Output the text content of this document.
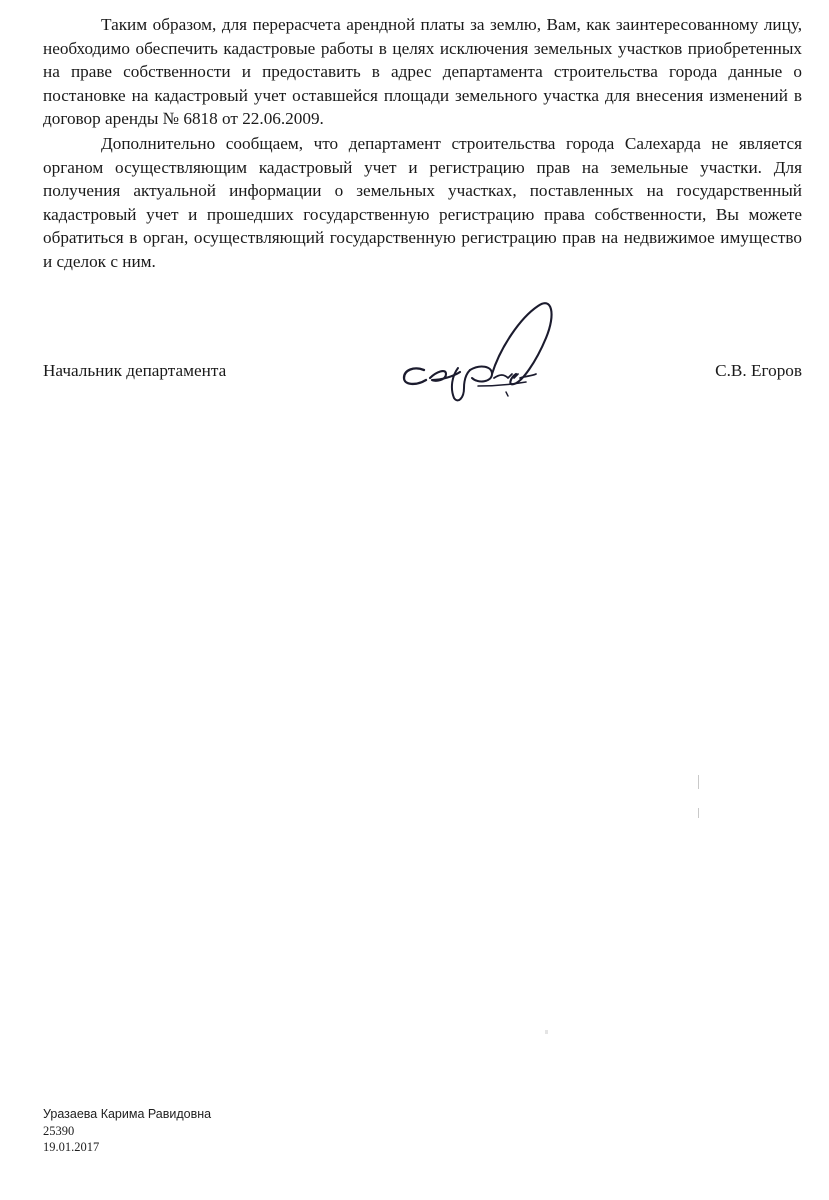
Таким образом, для перерасчета арендной платы за землю, Вам, как заинтересованному лицу, необходимо обеспечить кадастровые работы в целях исключения земельных участков приобретенных на праве собственности и предоставить в адрес департамента строительства города данные о постановке на кадастровый учет оставшейся площади земельного участка для внесения изменений в договор аренды № 6818 от 22.06.2009.

Дополнительно сообщаем, что департамент строительства города Салехарда не является органом осуществляющим кадастровый учет и регистрацию прав на земельные участки. Для получения актуальной информации о земельных участках, поставленных на государственный кадастровый учет и прошедших государственную регистрацию права собственности, Вы можете обратиться в орган, осуществляющий государственную регистрацию прав на недвижимое имущество и сделок с ним.

Начальник департамента	С.В. Егоров
Уразаева Карима Равидовна
25390
19.01.2017
